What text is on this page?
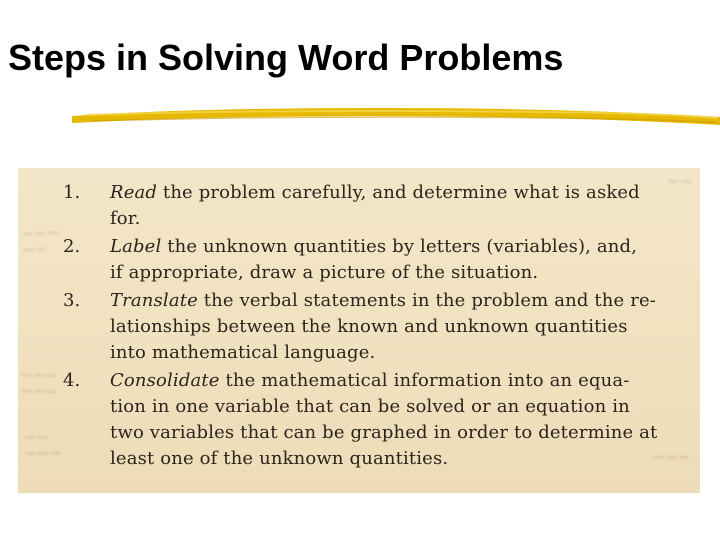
Steps in Solving Word Problems
∼∼∼
∼∼
∼∼∼
∼∼∼
∼∼
∼∼∼
∼∼
∼∼∼
1.	Read the problem carefully, and determine what is asked
for.
2.	Label the unknown quantities by letters (variables), and,
if appropriate, draw a picture of the situation.
3.	Translate the verbal statements in the problem and the re-
lationships between the known and unknown quantities
into mathematical language.
4.	Consolidate the mathematical information into an equa-
tion in one variable that can be solved or an equation in
two variables that can be graphed in order to determine at
least one of the unknown quantities.
